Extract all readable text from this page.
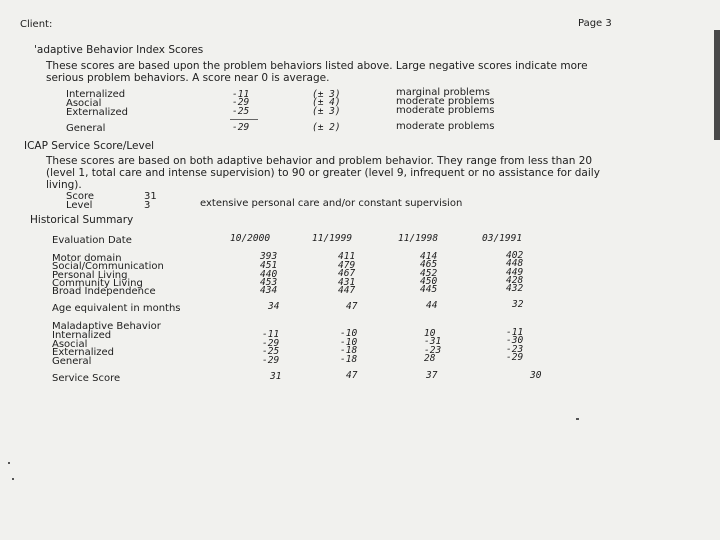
Client:	Page 3
'adaptive Behavior Index Scores
These scores are based upon the problem behaviors listed above. Large negative scores indicate more
serious problem behaviors. A score near 0 is average.
Internalized	-11	(± 3)	marginal problems
Asocial	-29	(± 4)	moderate problems
Externalized	-25	(± 3)	moderate problems
General	-29	(± 2)	moderate problems
ICAP Service Score/Level
These scores are based on both adaptive behavior and problem behavior. They range from less than 20
(level 1, total care and intense supervision) to 90 or greater (level 9, infrequent or no assistance for daily
living).
Score	31
Level	3	extensive personal care and/or constant supervision
Historical Summary
Evaluation Date	10/2000	11/1999	11/1998	03/1991
Motor domain	393	411	414	402
Social/Communication	451	479	465	448
Personal Living	440	467	452	449
Community Living	453	431	450	428
Broad Independence	434	447	445	432
Age equivalent in months	34	47	44	32
Maladaptive Behavior
Internalized	-11	-10	10	-11
Asocial	-29	-10	-31	-30
Externalized	-25	-18	-23	-23
General	-29	-18	28	-29
Service Score	31	47	37	30
